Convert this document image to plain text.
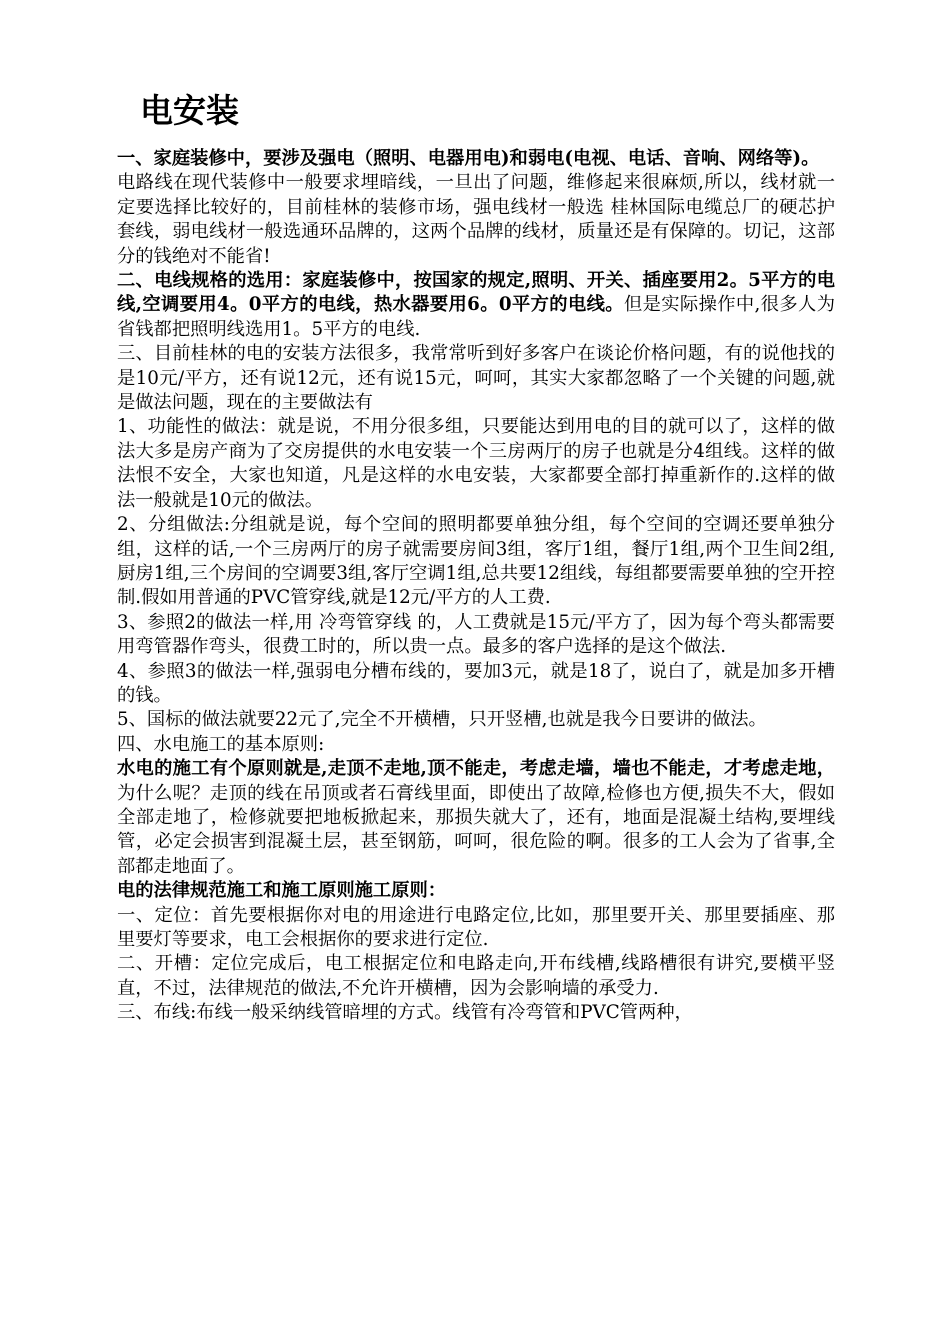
电安装

一、家庭装修中，要涉及强电（照明、电器用电)和弱电(电视、电话、音响、网络等)。

电路线在现代装修中一般要求埋暗线，一旦出了问题，维修起来很麻烦,所以，线材就一定要选择比较好的，目前桂林的装修市场，强电线材一般选 桂林国际电缆总厂的硬芯护套线，弱电线材一般选通环品牌的，这两个品牌的线材，质量还是有保障的。切记，这部分的钱绝对不能省!

二、电线规格的选用：家庭装修中，按国家的规定,照明、开关、插座要用2。5平方的电线,空调要用4。0平方的电线，热水器要用6。0平方的电线。但是实际操作中,很多人为省钱都把照明线选用1。5平方的电线.

三、目前桂林的电的安装方法很多，我常常听到好多客户在谈论价格问题，有的说他找的是10元/平方，还有说12元，还有说15元，呵呵，其实大家都忽略了一个关键的问题,就是做法问题，现在的主要做法有

1、功能性的做法：就是说，不用分很多组，只要能达到用电的目的就可以了，这样的做法大多是房产商为了交房提供的水电安装一个三房两厅的房子也就是分4组线。这样的做法恨不安全，大家也知道，凡是这样的水电安装，大家都要全部打掉重新作的.这样的做法一般就是10元的做法。

2、分组做法:分组就是说，每个空间的照明都要单独分组，每个空间的空调还要单独分组，这样的话,一个三房两厅的房子就需要房间3组，客厅1组，餐厅1组,两个卫生间2组,厨房1组,三个房间的空调要3组,客厅空调1组,总共要12组线，每组都要需要单独的空开控制.假如用普通的PVC管穿线,就是12元/平方的人工费.

3、参照2的做法一样,用 冷弯管穿线 的，人工费就是15元/平方了，因为每个弯头都需要用弯管器作弯头，很费工时的，所以贵一点。最多的客户选择的是这个做法.

4、参照3的做法一样,强弱电分槽布线的，要加3元，就是18了，说白了，就是加多开槽的钱。

5、国标的做法就要22元了,完全不开横槽，只开竖槽,也就是我今日要讲的做法。

四、水电施工的基本原则:

水电的施工有个原则就是,走顶不走地,顶不能走，考虑走墙，墙也不能走，才考虑走地，为什么呢？走顶的线在吊顶或者石膏线里面，即使出了故障,检修也方便,损失不大，假如全部走地了，检修就要把地板掀起来，那损失就大了，还有，地面是混凝土结构,要埋线管，必定会损害到混凝土层，甚至钢筋，呵呵，很危险的啊。很多的工人会为了省事,全部都走地面了。

电的法律规范施工和施工原则施工原则：

一、定位：首先要根据你对电的用途进行电路定位,比如，那里要开关、那里要插座、那里要灯等要求，电工会根据你的要求进行定位.

二、开槽：定位完成后，电工根据定位和电路走向,开布线槽,线路槽很有讲究,要横平竖直，不过，法律规范的做法,不允许开横槽，因为会影响墙的承受力.

三、布线:布线一般采纳线管暗埋的方式。线管有冷弯管和PVC管两种，
